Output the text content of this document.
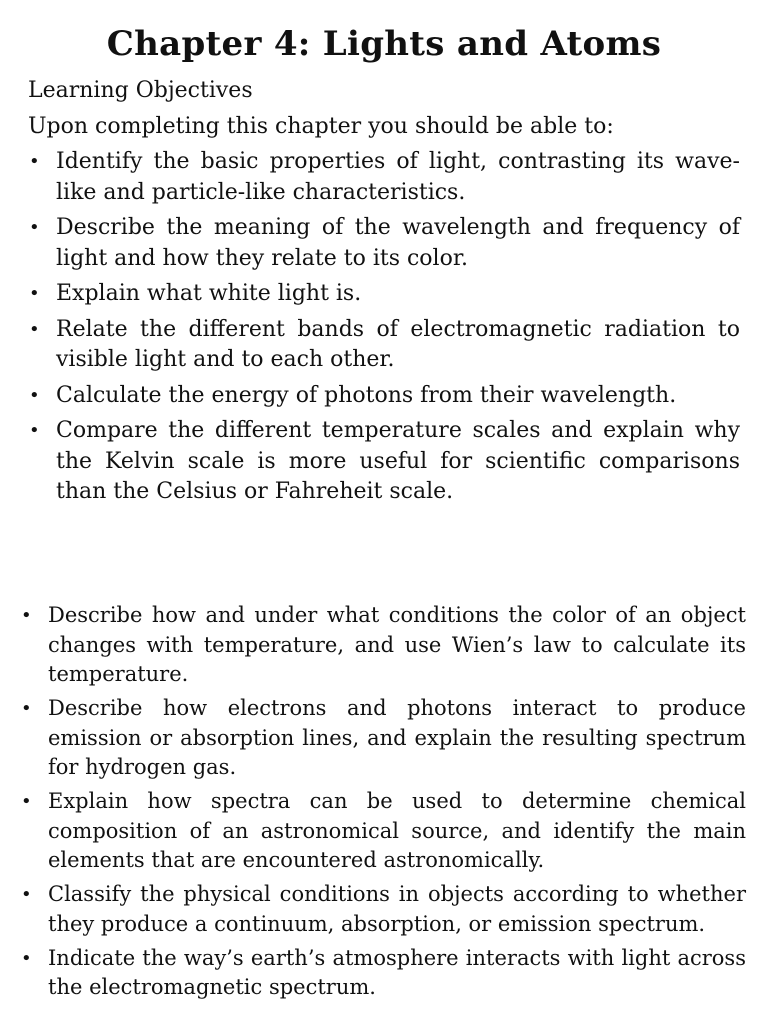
Chapter 4: Lights and Atoms
Learning Objectives

Upon completing this chapter you should be able to:

• Identify the basic properties of light, contrasting its wave-like and particle-like characteristics.
• Describe the meaning of the wavelength and frequency of light and how they relate to its color.
• Explain what white light is.
• Relate the different bands of electromagnetic radiation to visible light and to each other.
• Calculate the energy of photons from their wavelength.
• Compare the different temperature scales and explain why the Kelvin scale is more useful for scientific comparisons than the Celsius or Fahreheit scale.
• Describe how and under what conditions the color of an object changes with temperature, and use Wien’s law to calculate its temperature.
• Describe how electrons and photons interact to produce emission or absorption lines, and explain the resulting spectrum for hydrogen gas.
• Explain how spectra can be used to determine chemical composition of an astronomical source, and identify the main elements that are encountered astronomically.
• Classify the physical conditions in objects according to whether they produce a continuum, absorption, or emission spectrum.
• Indicate the way’s earth’s atmosphere interacts with light across the electromagnetic spectrum.
